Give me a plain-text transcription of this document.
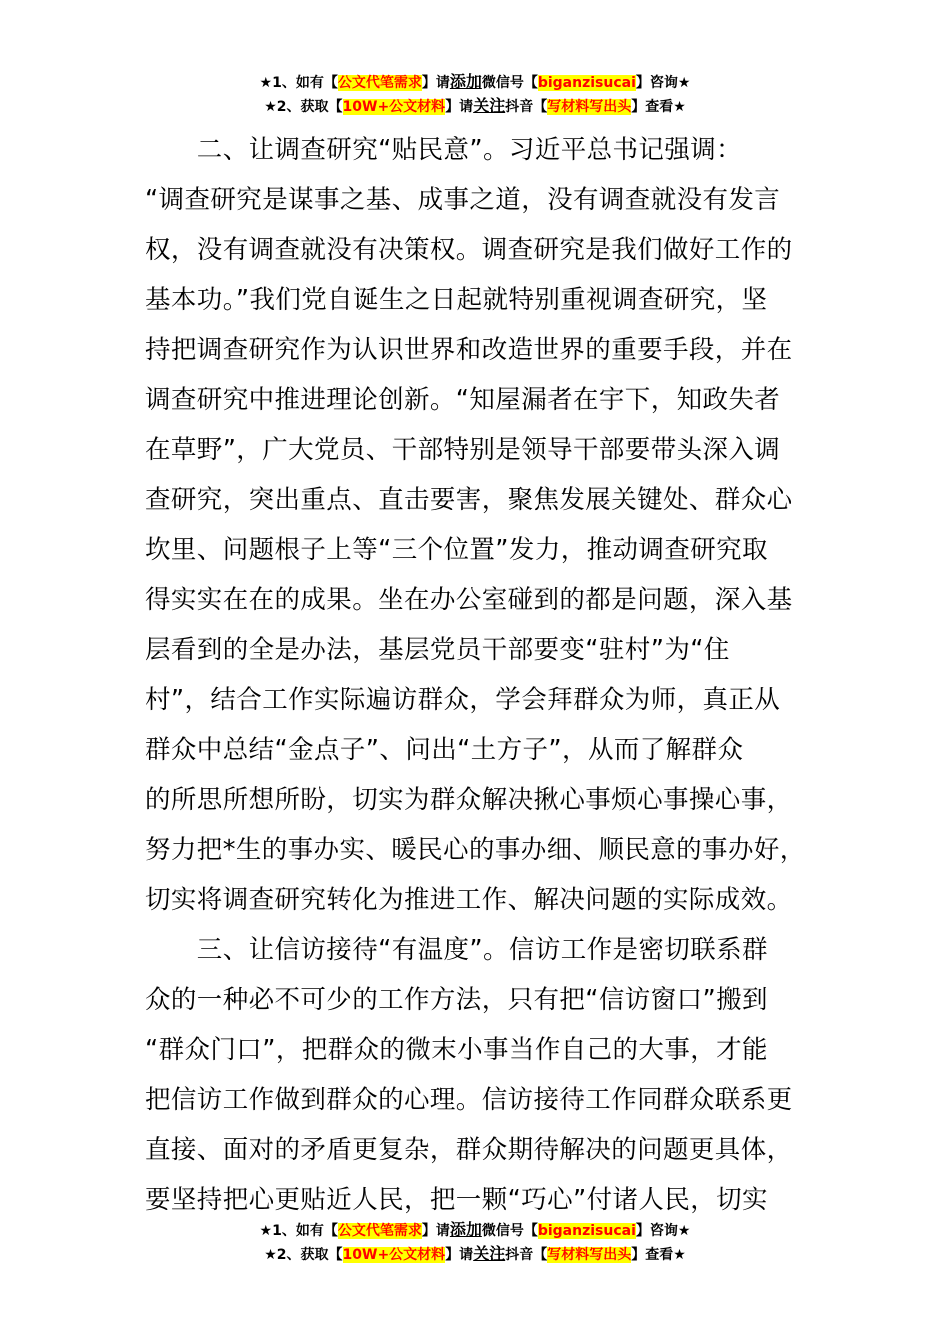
★1、如有【公文代笔需求】请添加微信号【biganzisucai】咨询★
★2、获取【10W+公文材料】请关注抖音【写材料写出头】查看★
　　二、让调查研究“贴民意”。习近平总书记强调：
“调查研究是谋事之基、成事之道，没有调查就没有发言
权，没有调查就没有决策权。调查研究是我们做好工作的
基本功。”我们党自诞生之日起就特别重视调查研究，坚
持把调查研究作为认识世界和改造世界的重要手段，并在
调查研究中推进理论创新。“知屋漏者在宇下，知政失者
在草野”，广大党员、干部特别是领导干部要带头深入调
查研究，突出重点、直击要害，聚焦发展关键处、群众心
坎里、问题根子上等“三个位置”发力，推动调查研究取
得实实在在的成果。坐在办公室碰到的都是问题，深入基
层看到的全是办法，基层党员干部要变“驻村”为“住
村”，结合工作实际遍访群众，学会拜群众为师，真正从
群众中总结“金点子”、问出“土方子”，从而了解群众
的所思所想所盼，切实为群众解决揪心事烦心事操心事，
努力把*生的事办实、暖民心的事办细、顺民意的事办好，
切实将调查研究转化为推进工作、解决问题的实际成效。
　　三、让信访接待“有温度”。信访工作是密切联系群
众的一种必不可少的工作方法，只有把“信访窗口”搬到
“群众门口”，把群众的微末小事当作自己的大事，才能
把信访工作做到群众的心理。信访接待工作同群众联系更
直接、面对的矛盾更复杂，群众期待解决的问题更具体，
要坚持把心更贴近人民，把一颗“巧心”付诸人民，切实
★1、如有【公文代笔需求】请添加微信号【biganzisucai】咨询★
★2、获取【10W+公文材料】请关注抖音【写材料写出头】查看★
